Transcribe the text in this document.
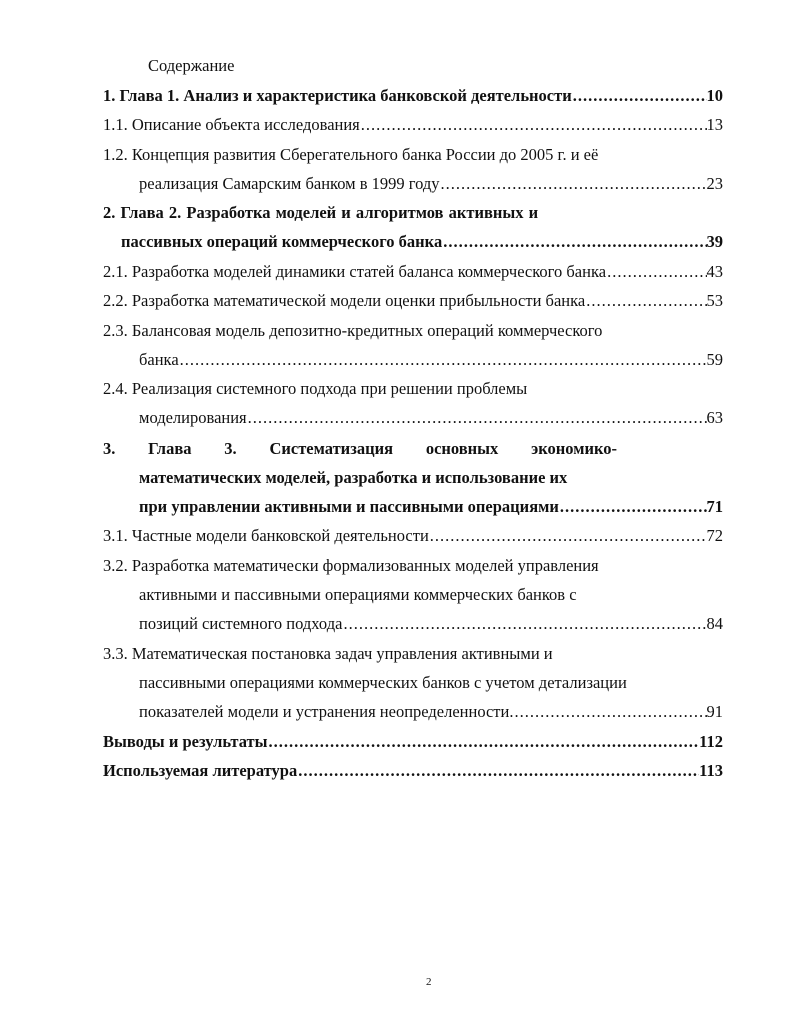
Содержание
1. Глава 1. Анализ и характеристика банковской деятельности .....	10
1.1. Описание объекта исследования .....	13
1.2. Концепция развития Сберегательного банка России до 2005 г. и её
реализация Самарским банком в 1999 году .....	23
2. Глава 2. Разработка моделей и алгоритмов активных и
пассивных операций коммерческого банка .....	39
2.1. Разработка моделей динамики статей баланса коммерческого банка .....	43
2.2. Разработка математической модели оценки прибыльности банка .....	53
2.3. Балансовая модель депозитно-кредитных операций коммерческого
банка .....	59
2.4. Реализация системного подхода при решении проблемы
моделирования .....	63
3. Глава 3. Систематизация основных экономико-
математических моделей, разработка и использование их
при управлении активными и пассивными операциями .....	71
3.1. Частные модели банковской деятельности .....	72
3.2. Разработка математически формализованных моделей управления
активными и пассивными операциями коммерческих банков с
позиций системного подхода .....	84
3.3. Математическая постановка задач управления активными и
пассивными операциями коммерческих банков с учетом детализации
показателей модели и устранения неопределенности. .....	91
Выводы и результаты .....	112
Используемая литература .....	113
2
